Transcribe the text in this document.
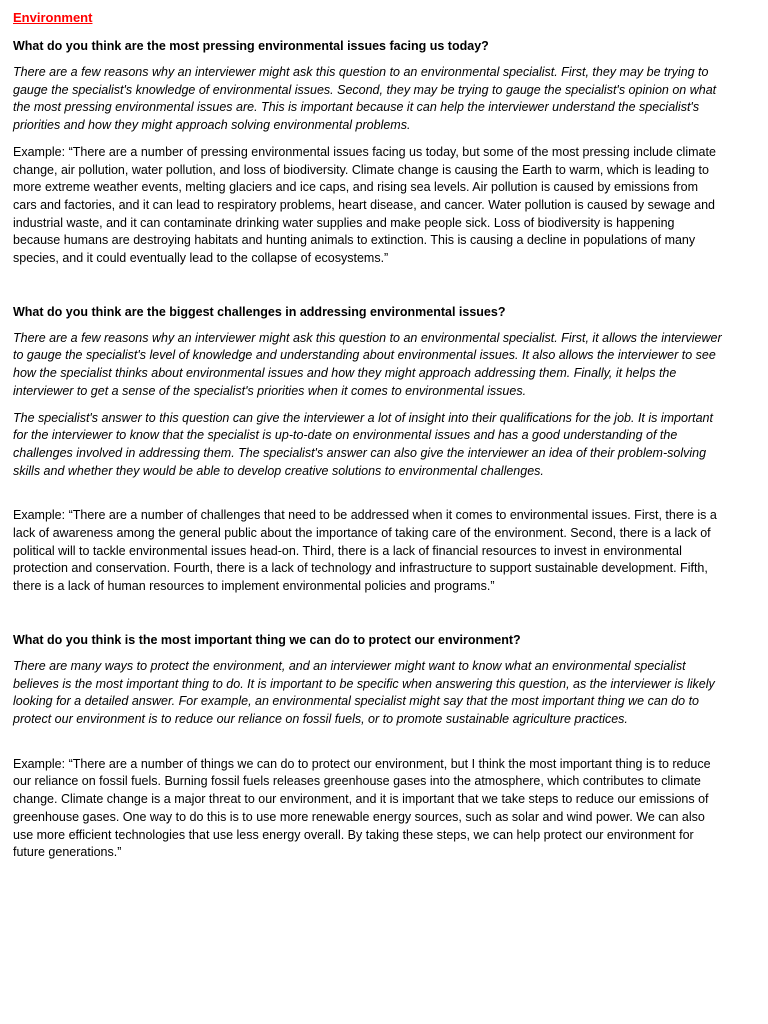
Environment
What do you think are the most pressing environmental issues facing us today?
There are a few reasons why an interviewer might ask this question to an environmental specialist. First, they may be trying to gauge the specialist's knowledge of environmental issues. Second, they may be trying to gauge the specialist's opinion on what the most pressing environmental issues are. This is important because it can help the interviewer understand the specialist's priorities and how they might approach solving environmental problems.
Example: “There are a number of pressing environmental issues facing us today, but some of the most pressing include climate change, air pollution, water pollution, and loss of biodiversity. Climate change is causing the Earth to warm, which is leading to more extreme weather events, melting glaciers and ice caps, and rising sea levels. Air pollution is caused by emissions from cars and factories, and it can lead to respiratory problems, heart disease, and cancer. Water pollution is caused by sewage and industrial waste, and it can contaminate drinking water supplies and make people sick. Loss of biodiversity is happening because humans are destroying habitats and hunting animals to extinction. This is causing a decline in populations of many species, and it could eventually lead to the collapse of ecosystems.”
What do you think are the biggest challenges in addressing environmental issues?
There are a few reasons why an interviewer might ask this question to an environmental specialist. First, it allows the interviewer to gauge the specialist's level of knowledge and understanding about environmental issues. It also allows the interviewer to see how the specialist thinks about environmental issues and how they might approach addressing them. Finally, it helps the interviewer to get a sense of the specialist's priorities when it comes to environmental issues.
The specialist's answer to this question can give the interviewer a lot of insight into their qualifications for the job. It is important for the interviewer to know that the specialist is up-to-date on environmental issues and has a good understanding of the challenges involved in addressing them. The specialist's answer can also give the interviewer an idea of their problem-solving skills and whether they would be able to develop creative solutions to environmental challenges.
Example: “There are a number of challenges that need to be addressed when it comes to environmental issues. First, there is a lack of awareness among the general public about the importance of taking care of the environment. Second, there is a lack of political will to tackle environmental issues head-on. Third, there is a lack of financial resources to invest in environmental protection and conservation. Fourth, there is a lack of technology and infrastructure to support sustainable development. Fifth, there is a lack of human resources to implement environmental policies and programs.”
What do you think is the most important thing we can do to protect our environment?
There are many ways to protect the environment, and an interviewer might want to know what an environmental specialist believes is the most important thing to do. It is important to be specific when answering this question, as the interviewer is likely looking for a detailed answer. For example, an environmental specialist might say that the most important thing we can do to protect our environment is to reduce our reliance on fossil fuels, or to promote sustainable agriculture practices.
Example: “There are a number of things we can do to protect our environment, but I think the most important thing is to reduce our reliance on fossil fuels. Burning fossil fuels releases greenhouse gases into the atmosphere, which contributes to climate change. Climate change is a major threat to our environment, and it is important that we take steps to reduce our emissions of greenhouse gases. One way to do this is to use more renewable energy sources, such as solar and wind power. We can also use more efficient technologies that use less energy overall. By taking these steps, we can help protect our environment for future generations.”
